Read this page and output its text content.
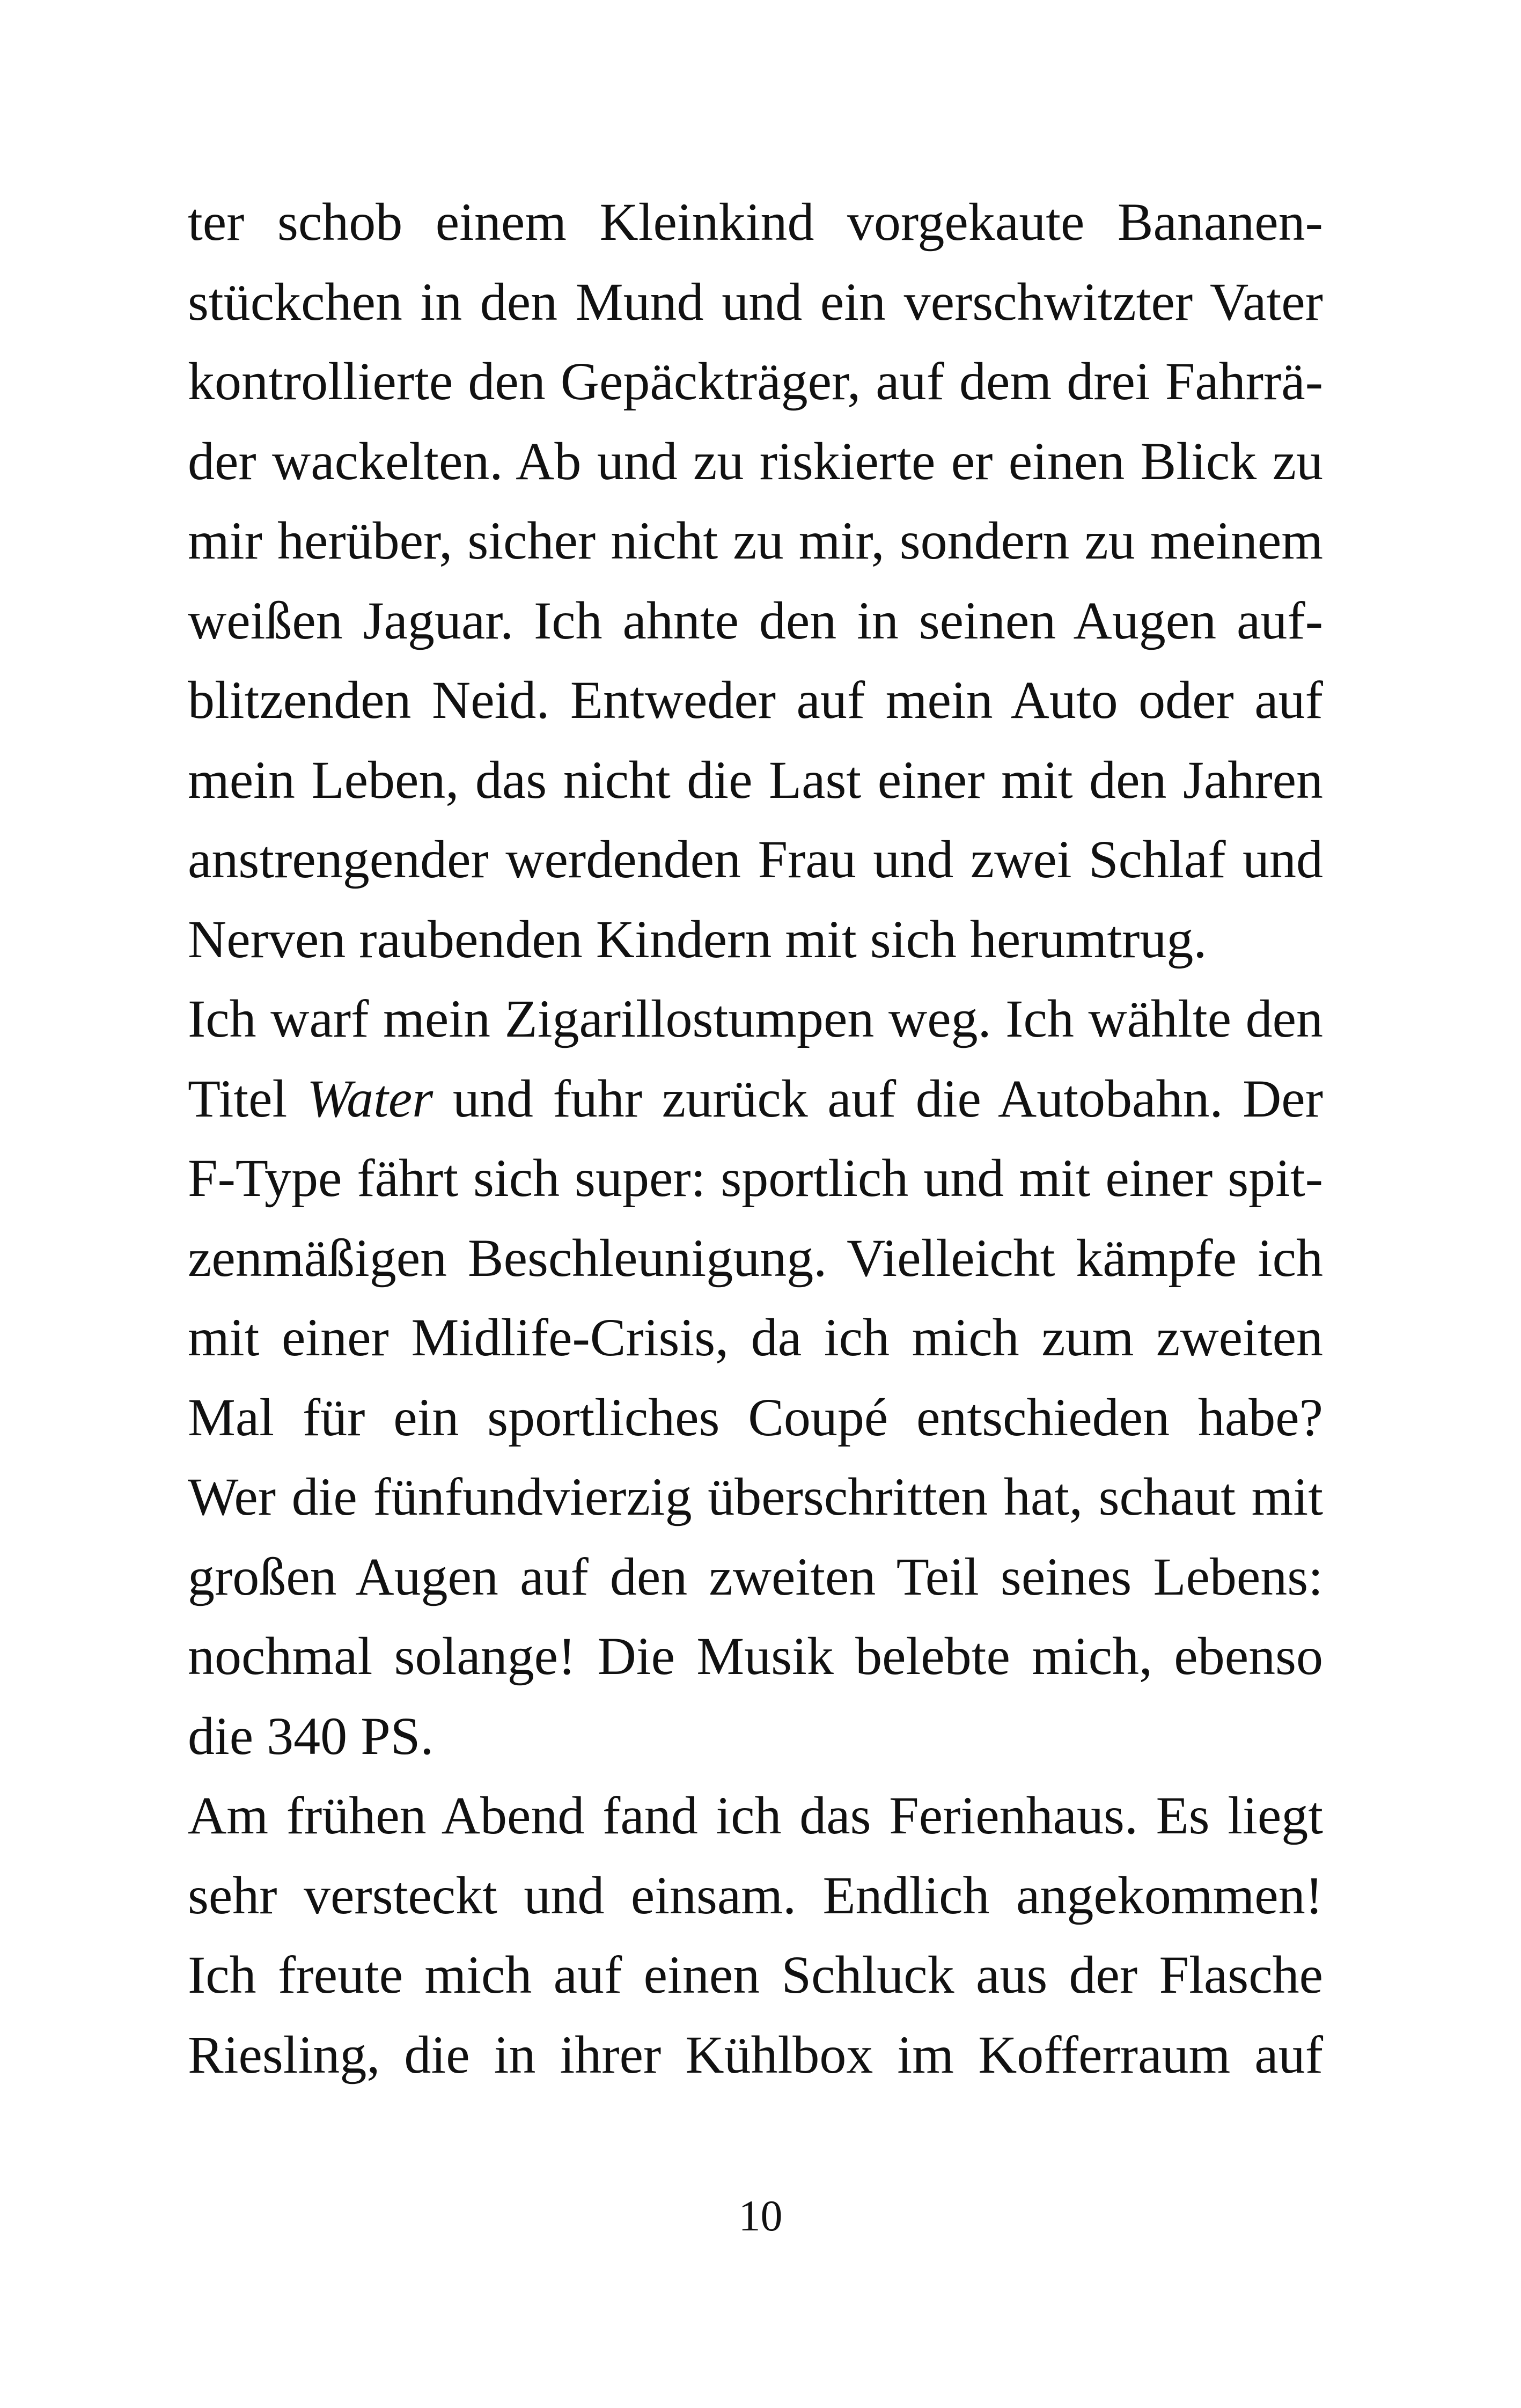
ter schob einem Kleinkind vorgekaute Bananen-
stückchen in den Mund und ein verschwitzter Vater
kontrollierte den Gepäckträger, auf dem drei Fahrrä-
der wackelten. Ab und zu riskierte er einen Blick zu
mir herüber, sicher nicht zu mir, sondern zu meinem
weißen Jaguar. Ich ahnte den in seinen Augen auf-
blitzenden Neid. Entweder auf mein Auto oder auf
mein Leben, das nicht die Last einer mit den Jahren
anstrengender werdenden Frau und zwei Schlaf und
Nerven raubenden Kindern mit sich herumtrug.
Ich warf mein Zigarillostumpen weg. Ich wählte den
Titel Water und fuhr zurück auf die Autobahn. Der
F-Type fährt sich super: sportlich und mit einer spit-
zenmäßigen Beschleunigung. Vielleicht kämpfe ich
mit einer Midlife-Crisis, da ich mich zum zweiten
Mal für ein sportliches Coupé entschieden habe?
Wer die fünfundvierzig überschritten hat, schaut mit
großen Augen auf den zweiten Teil seines Lebens:
nochmal solange! Die Musik belebte mich, ebenso
die 340 PS.
Am frühen Abend fand ich das Ferienhaus. Es liegt
sehr versteckt und einsam. Endlich angekommen!
Ich freute mich auf einen Schluck aus der Flasche
Riesling, die in ihrer Kühlbox im Kofferraum auf
10
